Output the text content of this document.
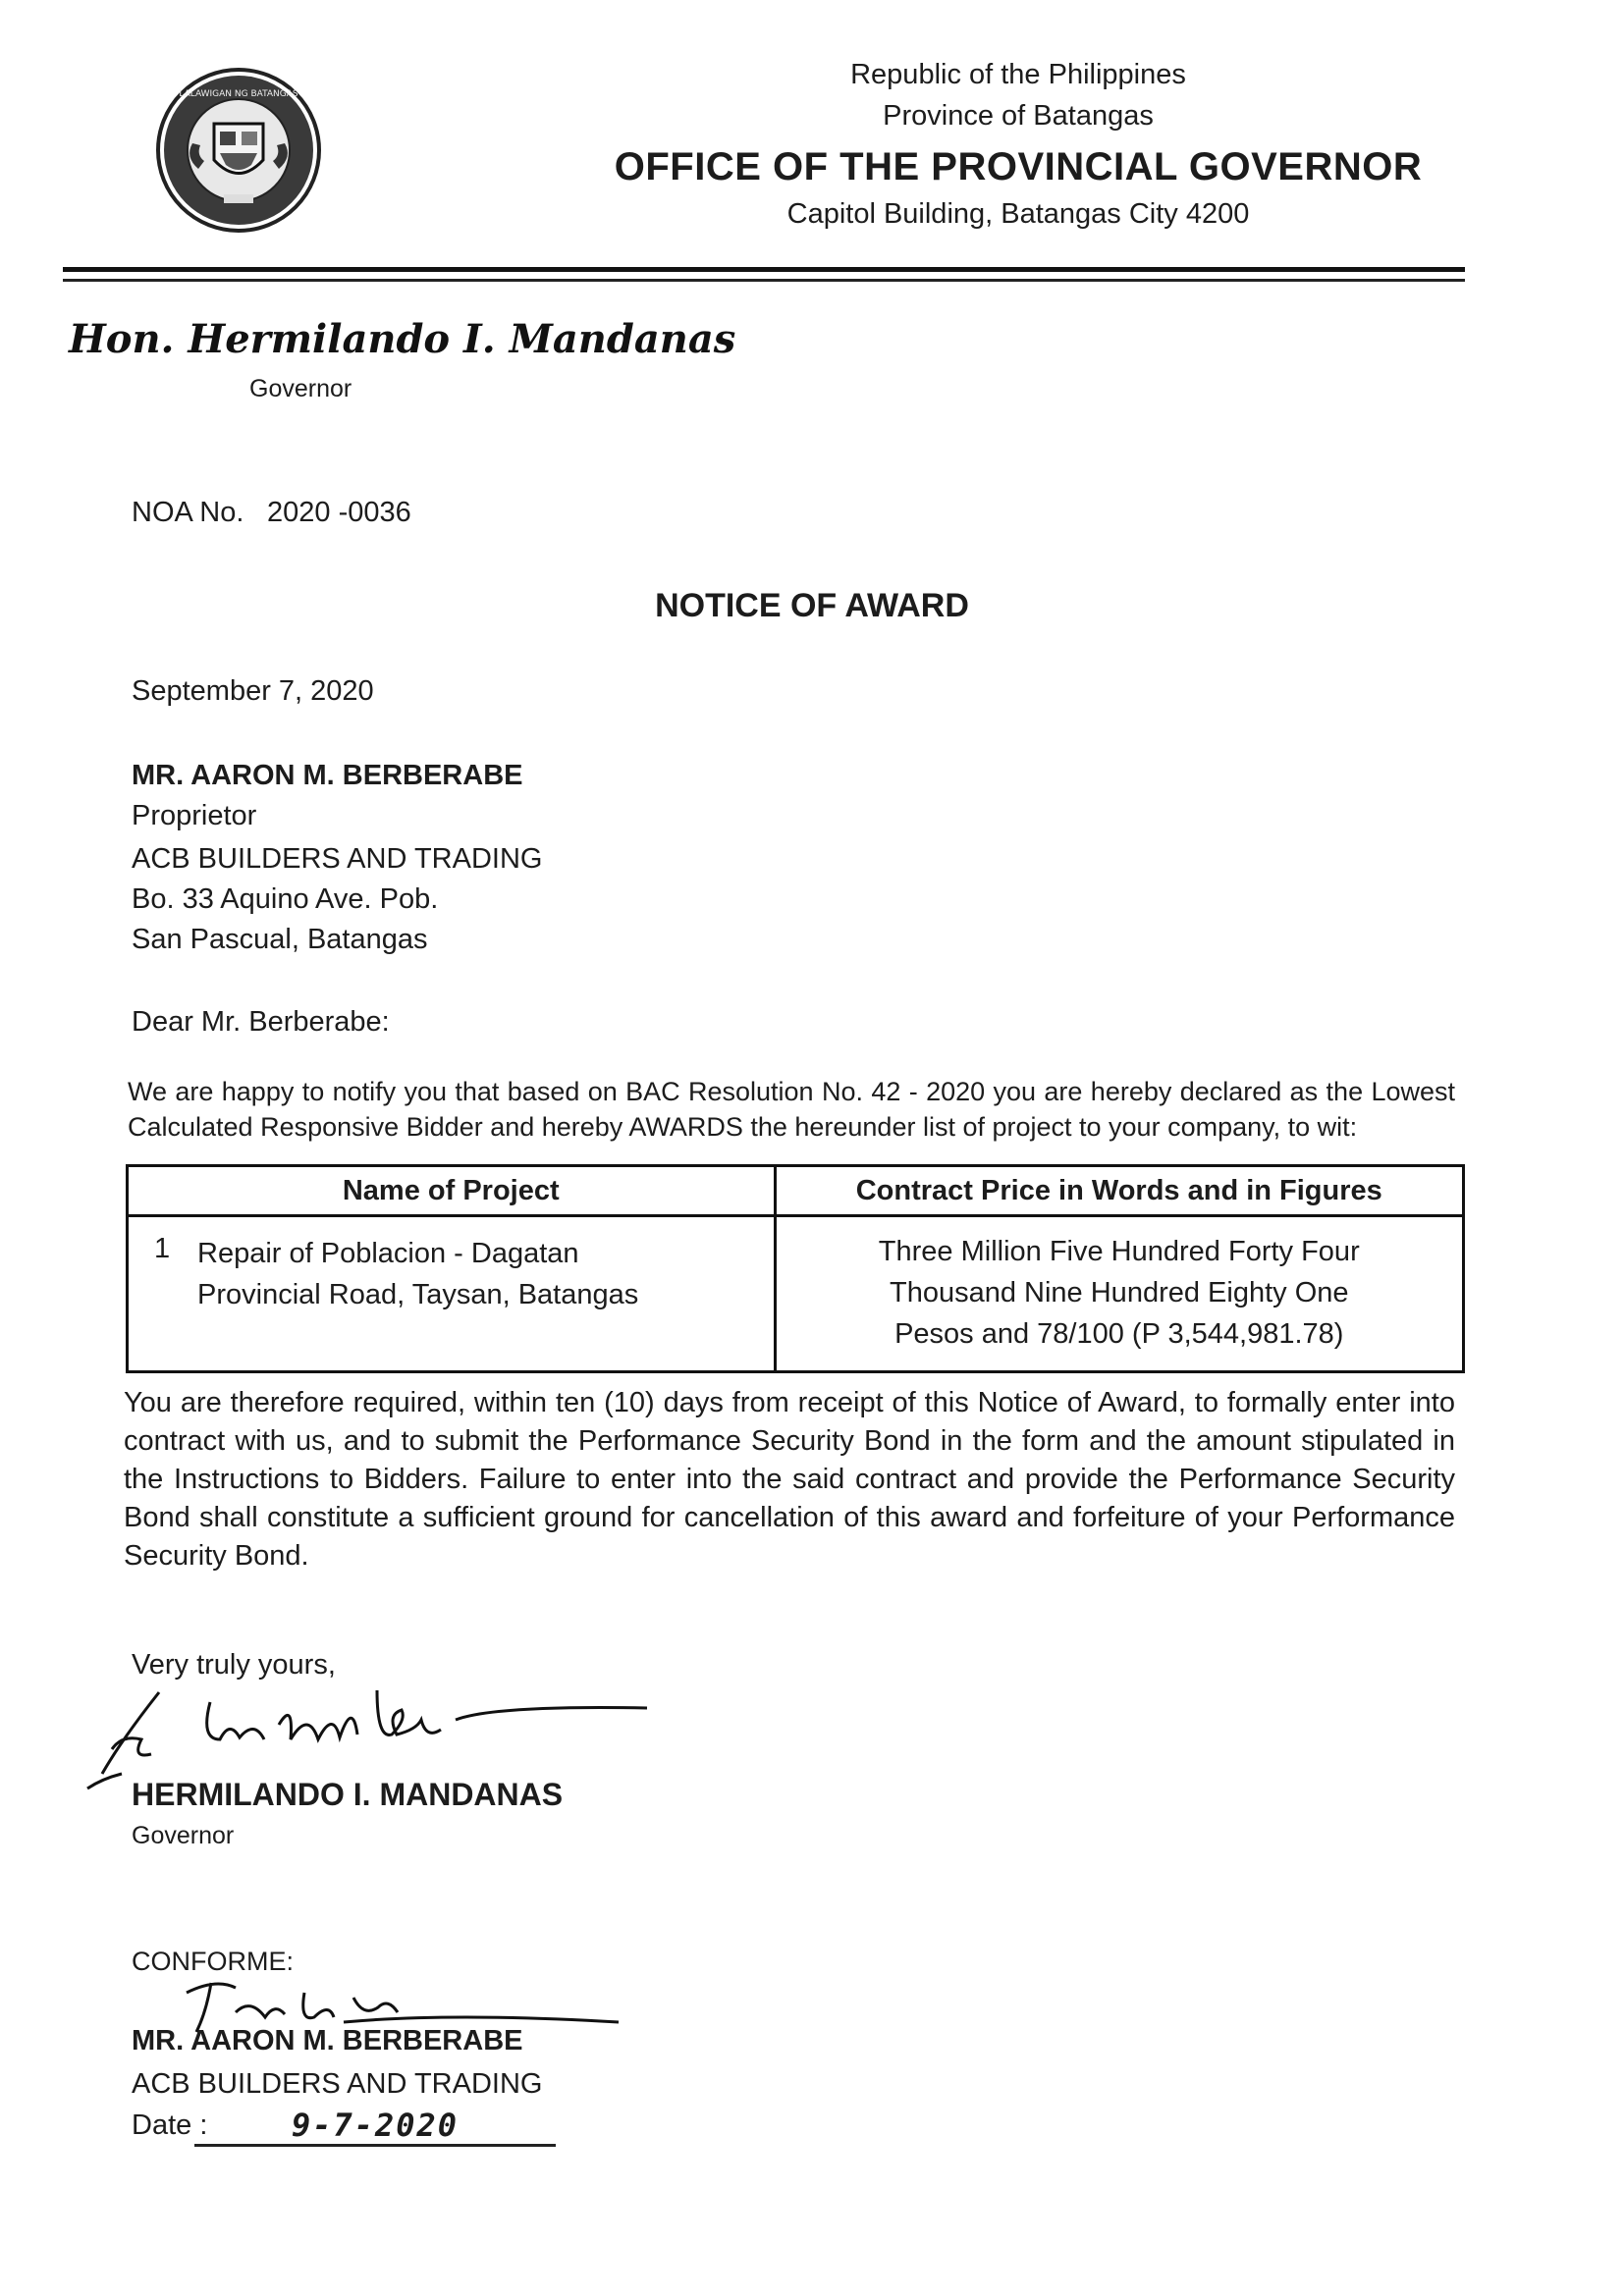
LALAWIGAN NG BATANGAS
Republic of the Philippines
Province of Batangas
OFFICE OF THE PROVINCIAL GOVERNOR
Capitol Building, Batangas City 4200
Hon. Hermilando I. Mandanas
Governor
NOA No. 2020 -0036
NOTICE OF AWARD
September 7, 2020
MR. AARON M. BERBERABE
Proprietor
ACB BUILDERS AND TRADING
Bo. 33 Aquino Ave. Pob.
San Pascual, Batangas
Dear Mr. Berberabe:
We are happy to notify you that based on BAC Resolution No. 42 - 2020 you are hereby declared as the Lowest Calculated Responsive Bidder and hereby AWARDS the hereunder list of project to your company, to wit:
Name of Project	Contract Price in Words and in Figures
1 Repair of Poblacion - Dagatan Provincial Road, Taysan, Batangas	Three Million Five Hundred Forty Four
Thousand Nine Hundred Eighty One
Pesos and 78/100 (P 3,544,981.78)
You are therefore required, within ten (10) days from receipt of this Notice of Award, to formally enter into contract with us, and to submit the Performance Security Bond in the form and the amount stipulated in the Instructions to Bidders. Failure to enter into the said contract and provide the Performance Security Bond shall constitute a sufficient ground for cancellation of this award and forfeiture of your Performance Security Bond.
Very truly yours,
HERMILANDO I. MANDANAS
Governor
CONFORME:
MR. AARON M. BERBERABE
ACB BUILDERS AND TRADING
Date :	9-7-2020
